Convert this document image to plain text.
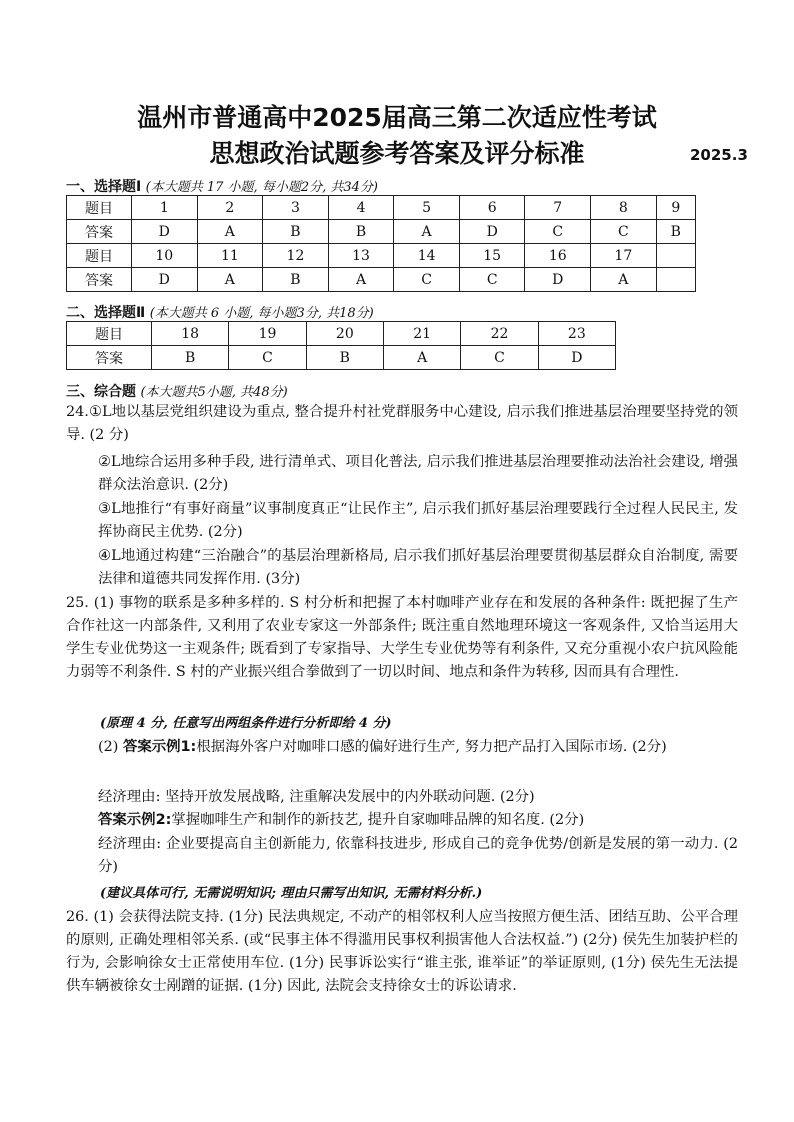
温州市普通高中2025届高三第二次适应性考试
思想政治试题参考答案及评分标准	2025.3
一、选择题Ⅰ (本大题共 17 小题, 每小题2分, 共34分)
题目	1	2	3	4	5	6	7	8	9
答案	D	A	B	B	A	D	C	C	B
题目	10	11	12	13	14	15	16	17	
答案	D	A	B	A	C	C	D	A	
二、选择题Ⅱ (本大题共 6 小题, 每小题3分, 共18分)
题目	18	19	20	21	22	23
答案	B	C	B	A	C	D
三、综合题 (本大题共5小题, 共48分)
24.①L地以基层党组织建设为重点, 整合提升村社党群服务中心建设, 启示我们推进基层治理要坚持党的领导. (2 分)
②L地综合运用多种手段, 进行清单式、项目化普法, 启示我们推进基层治理要推动法治社会建设, 增强群众法治意识. (2分)
③L地推行“有事好商量”议事制度真正“让民作主”, 启示我们抓好基层治理要践行全过程人民民主, 发挥协商民主优势. (2分)
④L地通过构建“三治融合”的基层治理新格局, 启示我们抓好基层治理要贯彻基层群众自治制度, 需要法律和道德共同发挥作用. (3分)
25. (1) 事物的联系是多种多样的. S 村分析和把握了本村咖啡产业存在和发展的各种条件: 既把握了生产合作社这一内部条件, 又利用了农业专家这一外部条件; 既注重自然地理环境这一客观条件, 又恰当运用大学生专业优势这一主观条件; 既看到了专家指导、大学生专业优势等有利条件, 又充分重视小农户抗风险能力弱等不利条件. S 村的产业振兴组合拳做到了一切以时间、地点和条件为转移, 因而具有合理性.
(原理 4 分, 任意写出两组条件进行分析即给 4 分)
(2) 答案示例1:根据海外客户对咖啡口感的偏好进行生产, 努力把产品打入国际市场. (2分)
经济理由: 坚持开放发展战略, 注重解决发展中的内外联动问题. (2分)
答案示例2:掌握咖啡生产和制作的新技艺, 提升自家咖啡品牌的知名度. (2分)
经济理由: 企业要提高自主创新能力, 依靠科技进步, 形成自己的竞争优势/创新是发展的第一动力. (2分)
(建议具体可行, 无需说明知识; 理由只需写出知识, 无需材料分析.)
26. (1) 会获得法院支持. (1分) 民法典规定, 不动产的相邻权利人应当按照方便生活、团结互助、公平合理的原则, 正确处理相邻关系. (或“民事主体不得滥用民事权利损害他人合法权益.”) (2分) 侯先生加装护栏的行为, 会影响徐女士正常使用车位. (1分) 民事诉讼实行“谁主张, 谁举证”的举证原则, (1分) 侯先生无法提供车辆被徐女士剐蹭的证据. (1分) 因此, 法院会支持徐女士的诉讼请求.
